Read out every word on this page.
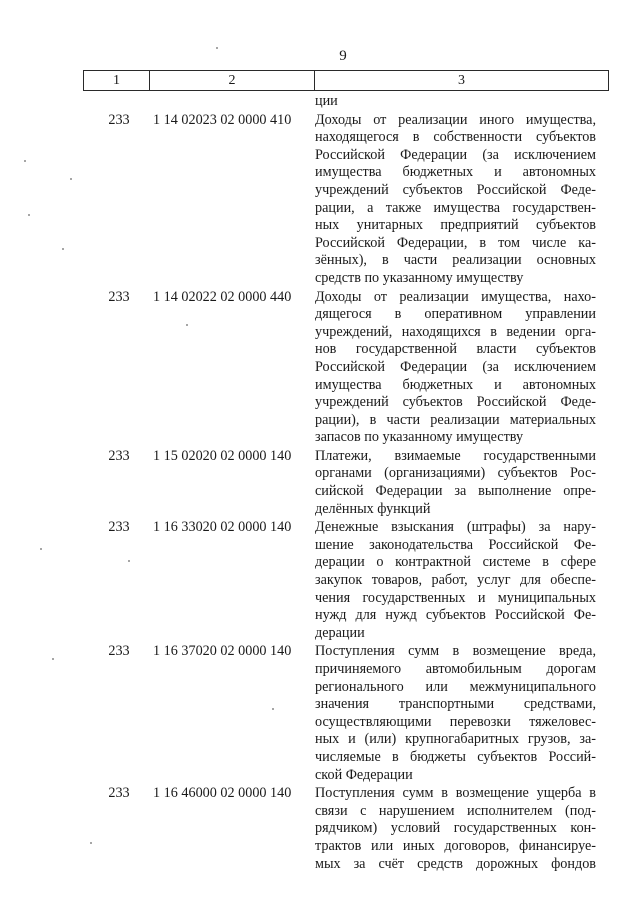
9
1	2	3
ции
233	1 14 02023 02 0000 410	Доходы от реализации иного имущества,
находящегося в собственности субъектов
Российской Федерации (за исключением
имущества бюджетных и автономных
учреждений субъектов Российской Феде-
рации, а также имущества государствен-
ных унитарных предприятий субъектов
Российской Федерации, в том числе ка-
зённых), в части реализации основных
средств по указанному имуществу
233	1 14 02022 02 0000 440	Доходы от реализации имущества, нахо-
дящегося в оперативном управлении
учреждений, находящихся в ведении орга-
нов государственной власти субъектов
Российской Федерации (за исключением
имущества бюджетных и автономных
учреждений субъектов Российской Феде-
рации), в части реализации материальных
запасов по указанному имуществу
233	1 15 02020 02 0000 140	Платежи, взимаемые государственными
органами (организациями) субъектов Рос-
сийской Федерации за выполнение опре-
делённых функций
233	1 16 33020 02 0000 140	Денежные взыскания (штрафы) за нару-
шение законодательства Российской Фе-
дерации о контрактной системе в сфере
закупок товаров, работ, услуг для обеспе-
чения государственных и муниципальных
нужд для нужд субъектов Российской Фе-
дерации
233	1 16 37020 02 0000 140	Поступления сумм в возмещение вреда,
причиняемого автомобильным дорогам
регионального или межмуниципального
значения транспортными средствами,
осуществляющими перевозки тяжеловес-
ных и (или) крупногабаритных грузов, за-
числяемые в бюджеты субъектов Россий-
ской Федерации
233	1 16 46000 02 0000 140	Поступления сумм в возмещение ущерба в
связи с нарушением исполнителем (под-
рядчиком) условий государственных кон-
трактов или иных договоров, финансируе-
мых за счёт средств дорожных фондов
